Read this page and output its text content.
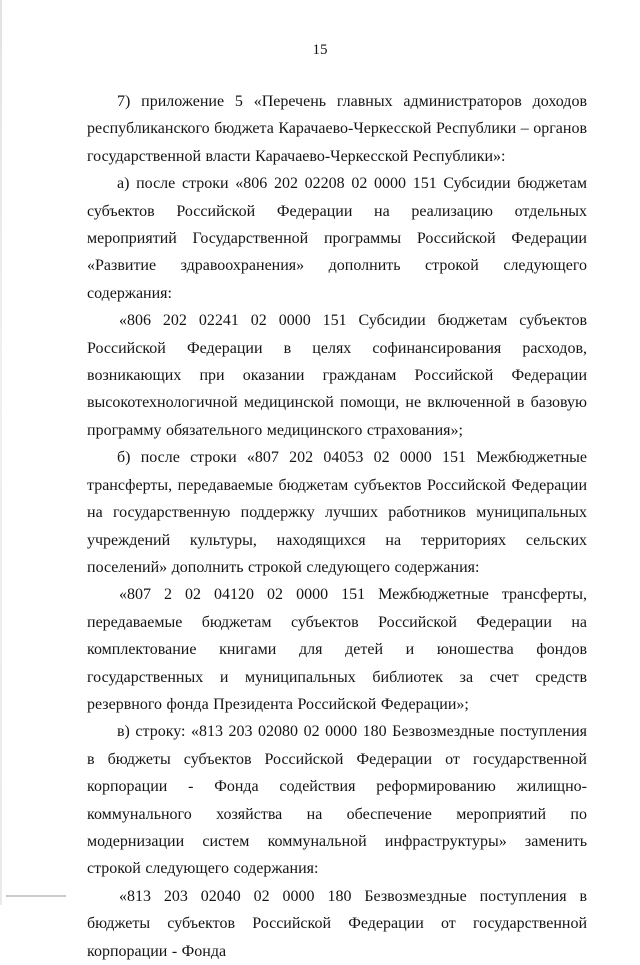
15

7) приложение 5 «Перечень главных администраторов доходов республиканского бюджета Карачаево-Черкесской Республики – органов государственной власти Карачаево-Черкесской Республики»:

а) после строки «806 202 02208 02 0000 151 Субсидии бюджетам субъектов Российской Федерации на реализацию отдельных мероприятий Государственной программы Российской Федерации «Развитие здравоохранения» дополнить строкой следующего содержания:

«806 202 02241 02 0000 151 Субсидии бюджетам субъектов Российской Федерации в целях софинансирования расходов, возникающих при оказании гражданам Российской Федерации высокотехнологичной медицинской помощи, не включенной в базовую программу обязательного медицинского страхования»;

б) после строки «807 202 04053 02 0000 151 Межбюджетные трансферты, передаваемые бюджетам субъектов Российской Федерации на государственную поддержку лучших работников муниципальных учреждений культуры, находящихся на территориях сельских поселений» дополнить строкой следующего содержания:

«807 2 02 04120 02 0000 151 Межбюджетные трансферты, передаваемые бюджетам субъектов Российской Федерации на комплектование книгами для детей и юношества фондов государственных и муниципальных библиотек за счет средств резервного фонда Президента Российской Федерации»;

в) строку: «813 203 02080 02 0000 180 Безвозмездные поступления в бюджеты субъектов Российской Федерации от государственной корпорации - Фонда содействия реформированию жилищно-коммунального хозяйства на обеспечение мероприятий по модернизации систем коммунальной инфраструктуры» заменить строкой следующего содержания:

«813 203 02040 02 0000 180 Безвозмездные поступления в бюджеты субъектов Российской Федерации от государственной корпорации - Фонда
